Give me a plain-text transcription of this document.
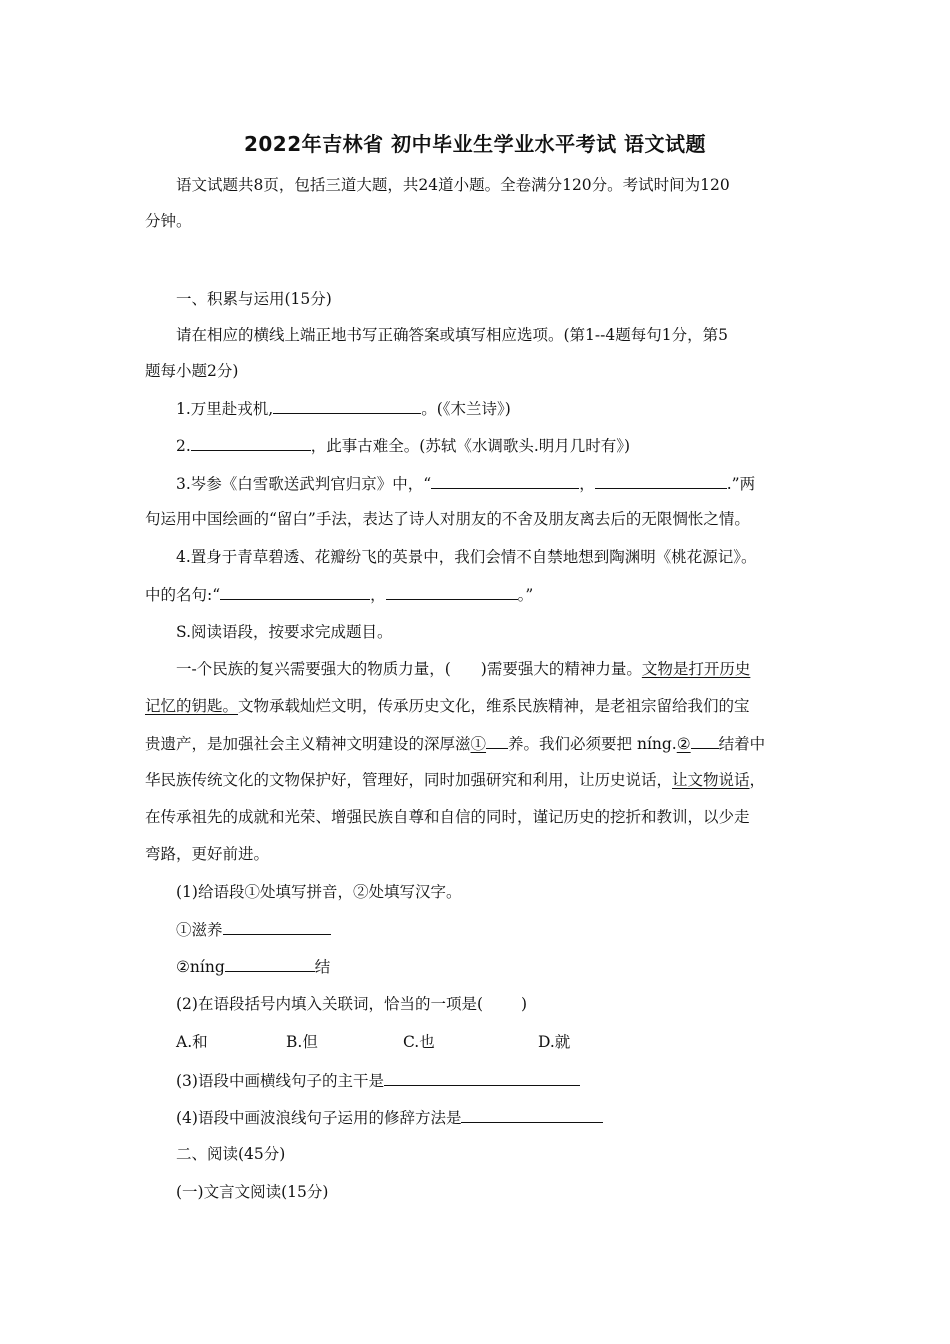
2022年吉林省 初中毕业生学业水平考试 语文试题
语文试题共8页，包括三道大题，共24道小题。全卷满分120分。考试时间为120
分钟。
一、积累与运用(15分)
请在相应的横线上端正地书写正确答案或填写相应选项。(第1--4题每句1分，第5
题每小题2分)
1.万里赴戎机,	。(《木兰诗》)
2.	，此事古难全。(苏轼《水调歌头.明月几时有》)
3.岑参《白雪歌送武判官归京》中，“	，	.”两
句运用中国绘画的“留白”手法，表达了诗人对朋友的不舍及朋友离去后的无限惆怅之情。
4.置身于青草碧透、花瓣纷飞的英景中，我们会情不自禁地想到陶渊明《桃花源记》。
中的名句:“	，	。”
S.阅读语段，按要求完成题目。
一-个民族的复兴需要强大的物质力量，( )需要强大的精神力量。文物是打开历史
记忆的钥匙。文物承载灿烂文明，传承历史文化，维系民族精神，是老祖宗留给我们的宝
贵遗产，是加强社会主义精神文明建设的深厚滋① 养。我们必须要把 níng.② 结着中
华民族传统文化的文物保护好，管理好，同时加强研究和利用，让历史说话，让文物说话，
在传承祖先的成就和光荣、增强民族自尊和自信的同时，谨记历史的挖折和教训，以少走
弯路，更好前进。
(1)给语段①处填写拼音，②处填写汉字。
①滋养
②níng	结
(2)在语段括号内填入关联词，恰当的一项是( )
A.和	B.但	C.也	D.就
(3)语段中画横线句子的主干是
(4)语段中画波浪线句子运用的修辞方法是
二、阅读(45分)
(一)文言文阅读(15分)
